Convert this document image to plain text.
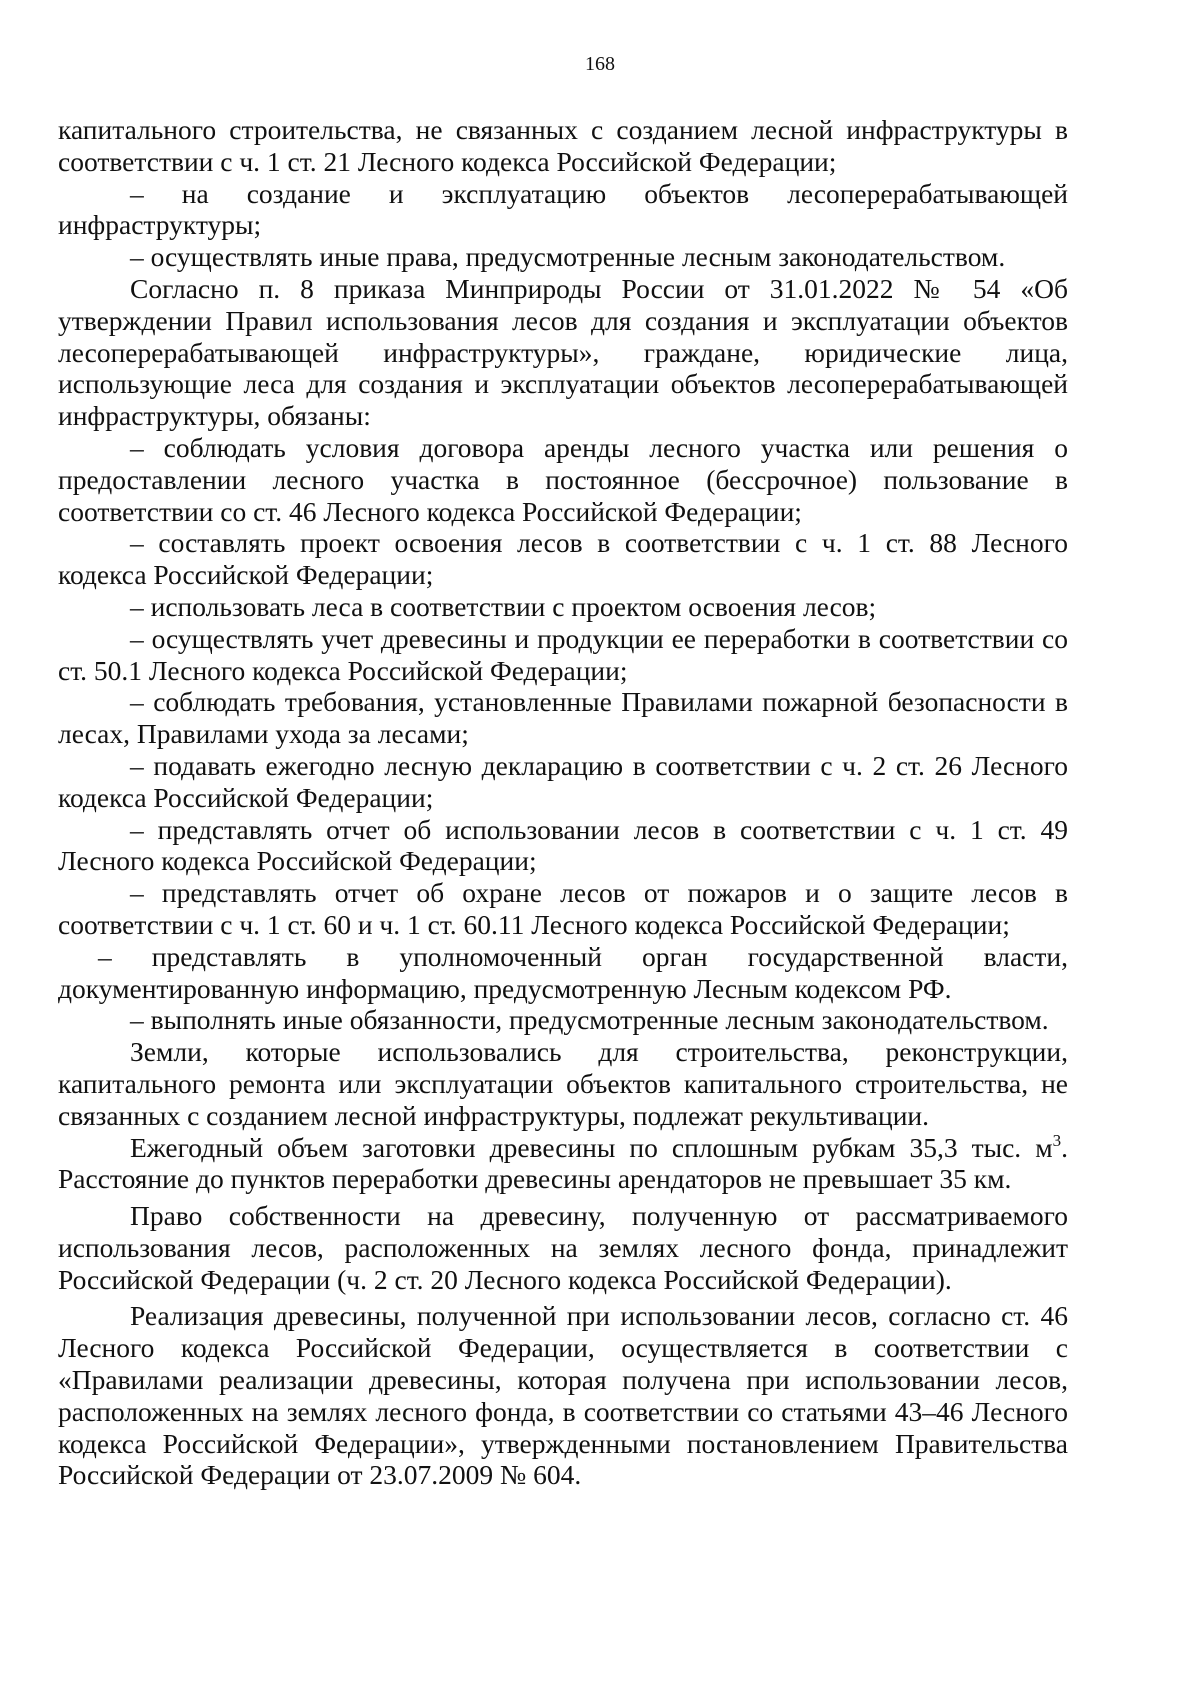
168

капитального строительства, не связанных с созданием лесной инфраструктуры в соответствии с ч. 1 ст. 21 Лесного кодекса Российской Федерации;

– на создание и эксплуатацию объектов лесоперерабатывающей инфраструктуры;

– осуществлять иные права, предусмотренные лесным законодательством.

Согласно п. 8 приказа Минприроды России от 31.01.2022 № 54 «Об утверждении Правил использования лесов для создания и эксплуатации объектов лесоперерабатывающей инфраструктуры», граждане, юридические лица, использующие леса для создания и эксплуатации объектов лесоперерабатывающей инфраструктуры, обязаны:

– соблюдать условия договора аренды лесного участка или решения о предоставлении лесного участка в постоянное (бессрочное) пользование в соответствии со ст. 46 Лесного кодекса Российской Федерации;

– составлять проект освоения лесов в соответствии с ч. 1 ст. 88 Лесного кодекса Российской Федерации;

– использовать леса в соответствии с проектом освоения лесов;

– осуществлять учет древесины и продукции ее переработки в соответствии со ст. 50.1 Лесного кодекса Российской Федерации;

– соблюдать требования, установленные Правилами пожарной безопасности в лесах, Правилами ухода за лесами;

– подавать ежегодно лесную декларацию в соответствии с ч. 2 ст. 26 Лесного кодекса Российской Федерации;

– представлять отчет об использовании лесов в соответствии с ч. 1 ст. 49 Лесного кодекса Российской Федерации;

– представлять отчет об охране лесов от пожаров и о защите лесов в соответствии с ч. 1 ст. 60 и ч. 1 ст. 60.11 Лесного кодекса Российской Федерации;

– представлять в уполномоченный орган государственной власти, документированную информацию, предусмотренную Лесным кодексом РФ.

– выполнять иные обязанности, предусмотренные лесным законодательством.

Земли, которые использовались для строительства, реконструкции, капитального ремонта или эксплуатации объектов капитального строительства, не связанных с созданием лесной инфраструктуры, подлежат рекультивации.

Ежегодный объем заготовки древесины по сплошным рубкам 35,3 тыс. $м^3$. Расстояние до пунктов переработки древесины арендаторов не превышает 35 км.

Право собственности на древесину, полученную от рассматриваемого использования лесов, расположенных на землях лесного фонда, принадлежит Российской Федерации (ч. 2 ст. 20 Лесного кодекса Российской Федерации).

Реализация древесины, полученной при использовании лесов, согласно ст. 46 Лесного кодекса Российской Федерации, осуществляется в соответствии с «Правилами реализации древесины, которая получена при использовании лесов, расположенных на землях лесного фонда, в соответствии со статьями 43–46 Лесного кодекса Российской Федерации», утвержденными постановлением Правительства Российской Федерации от 23.07.2009 № 604.
